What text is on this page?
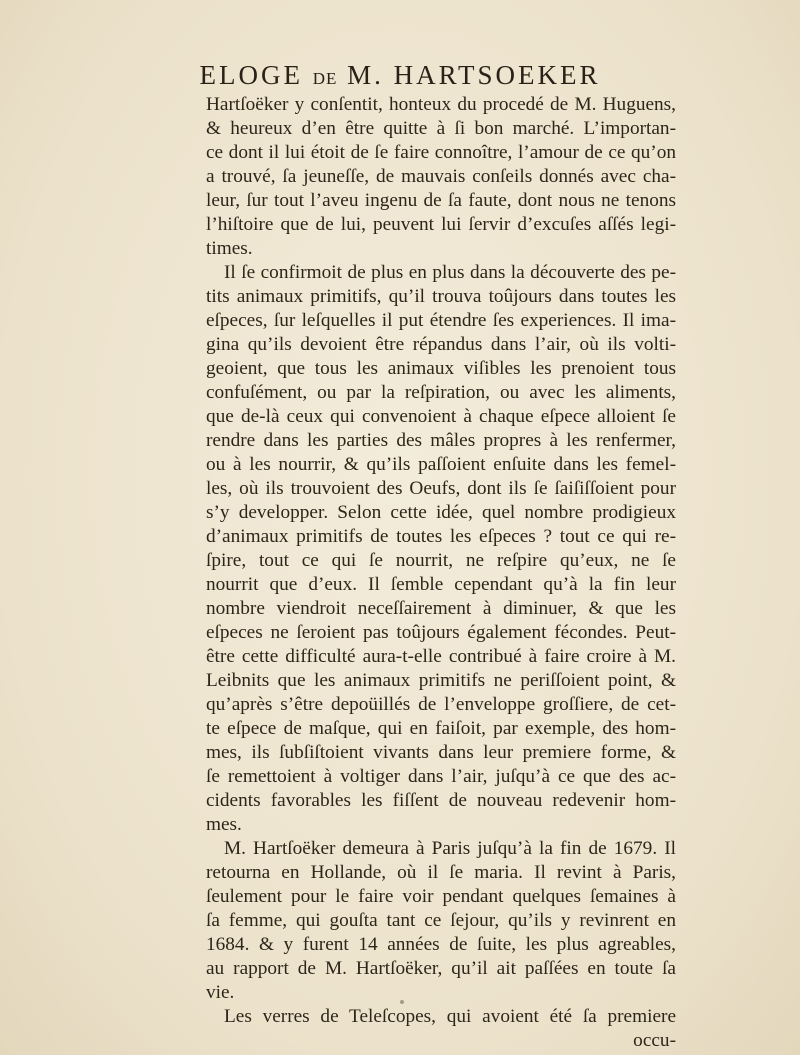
ELOGE DE M. HARTSOEKER
Hartſoëker y conſentit, honteux du procedé de M. Huguens,
& heureux d’en être quitte à ſi bon marché. L’importan-
ce dont il lui étoit de ſe faire connoître, l’amour de ce qu’on
a trouvé, ſa jeuneſſe, de mauvais conſeils donnés avec cha-
leur, ſur tout l’aveu ingenu de ſa faute, dont nous ne tenons
l’hiſtoire que de lui, peuvent lui ſervir d’excuſes aſſés legi-
times.
Il ſe confirmoit de plus en plus dans la découverte des pe-
tits animaux primitifs, qu’il trouva toûjours dans toutes les
eſpeces, ſur leſquelles il put étendre ſes experiences. Il ima-
gina qu’ils devoient être répandus dans l’air, où ils volti-
geoient, que tous les animaux viſibles les prenoient tous
confuſément, ou par la reſpiration, ou avec les aliments,
que de-là ceux qui convenoient à chaque eſpece alloient ſe
rendre dans les parties des mâles propres à les renfermer,
ou à les nourrir, & qu’ils paſſoient enſuite dans les femel-
les, où ils trouvoient des Oeufs, dont ils ſe ſaiſiſſoient pour
s’y developper. Selon cette idée, quel nombre prodigieux
d’animaux primitifs de toutes les eſpeces ? tout ce qui re-
ſpire, tout ce qui ſe nourrit, ne reſpire qu’eux, ne ſe
nourrit que d’eux. Il ſemble cependant qu’à la fin leur
nombre viendroit neceſſairement à diminuer, & que les
eſpeces ne ſeroient pas toûjours également fécondes. Peut-
être cette difficulté aura-t-elle contribué à faire croire à M.
Leibnits que les animaux primitifs ne periſſoient point, &
qu’après s’être depoüillés de l’enveloppe groſſiere, de cet-
te eſpece de maſque, qui en faiſoit, par exemple, des hom-
mes, ils ſubſiſtoient vivants dans leur premiere forme, &
ſe remettoient à voltiger dans l’air, juſqu’à ce que des ac-
cidents favorables les fiſſent de nouveau redevenir hom-
mes.
M. Hartſoëker demeura à Paris juſqu’à la fin de 1679. Il
retourna en Hollande, où il ſe maria. Il revint à Paris,
ſeulement pour le faire voir pendant quelques ſemaines à
ſa femme, qui gouſta tant ce ſejour, qu’ils y revinrent en
1684. & y furent 14 années de ſuite, les plus agreables,
au rapport de M. Hartſoëker, qu’il ait paſſées en toute ſa
vie.
Les verres de Teleſcopes, qui avoient été ſa premiere
occu-
